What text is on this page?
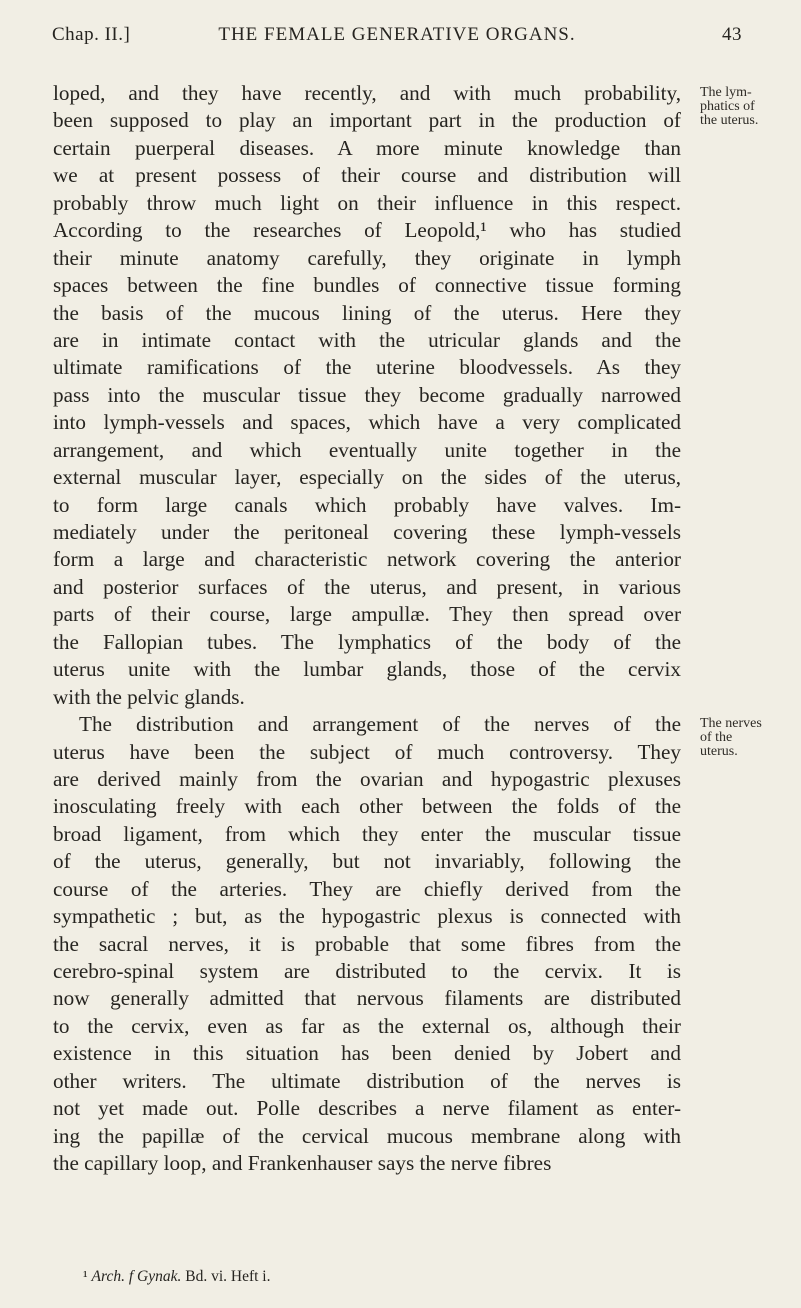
Chap. II.]	THE FEMALE GENERATIVE ORGANS.	43
loped, and they have recently, and with much probability,
been supposed to play an important part in the production of
certain puerperal diseases. A more minute knowledge than
we at present possess of their course and distribution will
probably throw much light on their influence in this respect.
According to the researches of Leopold,¹ who has studied
their minute anatomy carefully, they originate in lymph
spaces between the fine bundles of connective tissue forming
the basis of the mucous lining of the uterus. Here they
are in intimate contact with the utricular glands and the
ultimate ramifications of the uterine bloodvessels. As they
pass into the muscular tissue they become gradually narrowed
into lymph-vessels and spaces, which have a very complicated
arrangement, and which eventually unite together in the
external muscular layer, especially on the sides of the uterus,
to form large canals which probably have valves. Im-
mediately under the peritoneal covering these lymph-vessels
form a large and characteristic network covering the anterior
and posterior surfaces of the uterus, and present, in various
parts of their course, large ampullæ. They then spread over
the Fallopian tubes. The lymphatics of the body of the
uterus unite with the lumbar glands, those of the cervix
with the pelvic glands.
The distribution and arrangement of the nerves of the
uterus have been the subject of much controversy. They
are derived mainly from the ovarian and hypogastric plexuses
inosculating freely with each other between the folds of the
broad ligament, from which they enter the muscular tissue
of the uterus, generally, but not invariably, following the
course of the arteries. They are chiefly derived from the
sympathetic ; but, as the hypogastric plexus is connected with
the sacral nerves, it is probable that some fibres from the
cerebro-spinal system are distributed to the cervix. It is
now generally admitted that nervous filaments are distributed
to the cervix, even as far as the external os, although their
existence in this situation has been denied by Jobert and
other writers. The ultimate distribution of the nerves is
not yet made out. Polle describes a nerve filament as enter-
ing the papillæ of the cervical mucous membrane along with
the capillary loop, and Frankenhauser says the nerve fibres
The lym-
phatics of
the uterus.
The nerves
of the
uterus.
¹ Arch. f Gynak. Bd. vi. Heft i.
